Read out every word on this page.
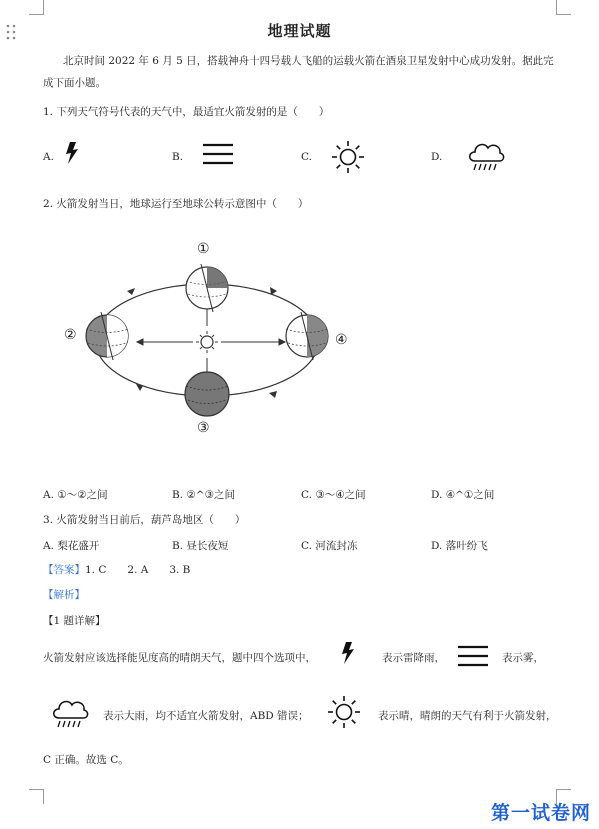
地理试题
北京时间 2022 年 6 月 5 日，搭载神舟十四号载人飞船的运载火箭在酒泉卫星发射中心成功发射。据此完成下面小题。
1. 下列天气符号代表的天气中，最适宜火箭发射的是（　　）
A.	B.	C.	D.
2. 火箭发射当日，地球运行至地球公转示意图中（　　）
①
②
③
④
A. ①～②之间	B. ②^③之间	C. ③～④之间	D. ④^①之间
3. 火箭发射当日前后，葫芦岛地区（　　）
A. 梨花盛开	B. 昼长夜短	C. 河流封冻	D. 落叶纷飞
【答案】1. C　　2. A　　3. B
【解析】
【1 题详解】
火箭发射应该选择能见度高的晴朗天气，题中四个选项中，	表示雷降雨，	表示雾，
表示大雨，均不适宜火箭发射，ABD 错误；	表示晴，晴朗的天气有利于火箭发射，
C 正确。故选 C。
第一试卷网
